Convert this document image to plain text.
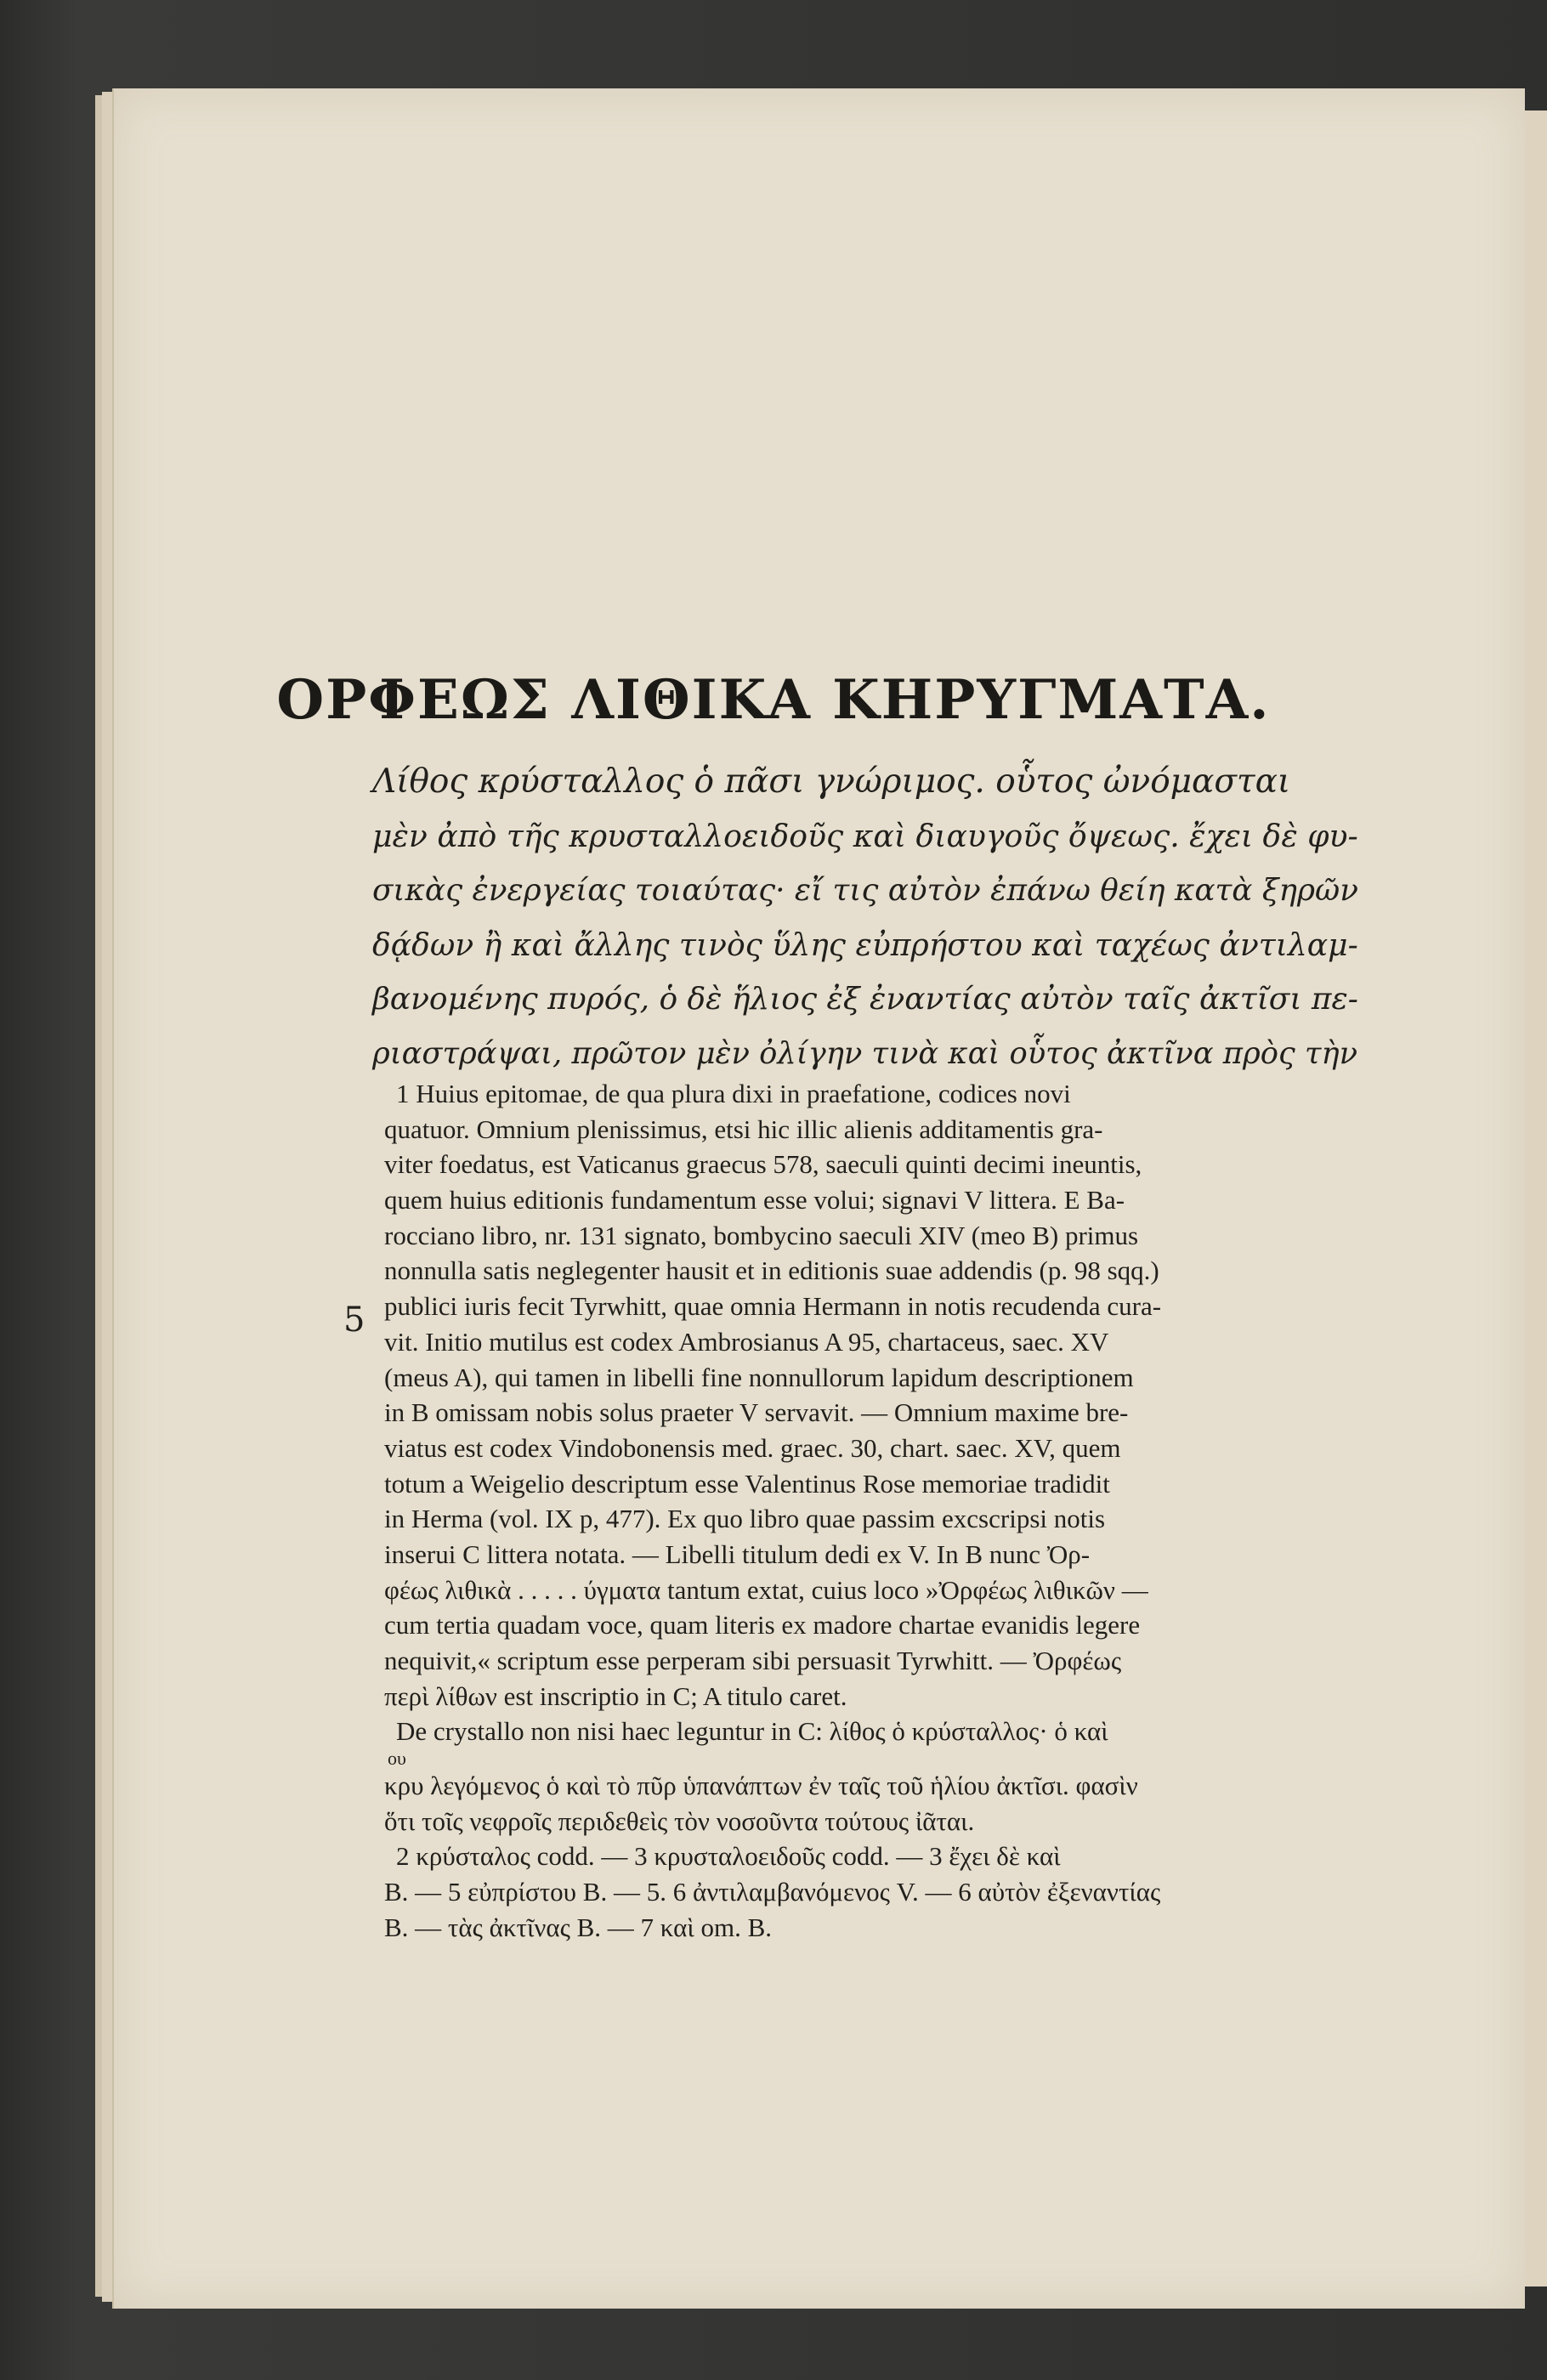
ΟΡΦΕΩΣ ΛΙΘΙΚΑ ΚΗΡΥΓΜΑΤΑ.
Λίθος κρύσταλλος ὁ πᾶσι γνώριμος. οὗτος ὠνόμασται
μὲν ἀπὸ τῆς κρυσταλλοειδοῦς καὶ διαυγοῦς ὄψεως. ἔχει δὲ φυ-
σικὰς ἐνεργείας τοιαύτας· εἴ τις αὐτὸν ἐπάνω θείη κατὰ ξηρῶν
δᾴδων ἢ καὶ ἄλλης τινὸς ὕλης εὐπρήστου καὶ ταχέως ἀντιλαμ-
βανομένης πυρός, ὁ δὲ ἥλιος ἐξ ἐναντίας αὐτὸν ταῖς ἀκτῖσι πε-
ριαστράψαι, πρῶτον μὲν ὀλίγην τινὰ καὶ οὗτος ἀκτῖνα πρὸς τὴν
5
1 Huius epitomae, de qua plura dixi in praefatione, codices novi
quatuor. Omnium plenissimus, etsi hic illic alienis additamentis gra-
viter foedatus, est Vaticanus graecus 578, saeculi quinti decimi ineuntis,
quem huius editionis fundamentum esse volui; signavi V littera. E Ba-
rocciano libro, nr. 131 signato, bombycino saeculi XIV (meo B) primus
nonnulla satis neglegenter hausit et in editionis suae addendis (p. 98 sqq.)
publici iuris fecit Tyrwhitt, quae omnia Hermann in notis recudenda cura-
vit. Initio mutilus est codex Ambrosianus A 95, chartaceus, saec. XV
(meus A), qui tamen in libelli fine nonnullorum lapidum descriptionem
in B omissam nobis solus praeter V servavit. — Omnium maxime bre-
viatus est codex Vindobonensis med. graec. 30, chart. saec. XV, quem
totum a Weigelio descriptum esse Valentinus Rose memoriae tradidit
in Herma (vol. IX p, 477). Ex quo libro quae passim excscripsi notis
inserui C littera notata. — Libelli titulum dedi ex V. In B nunc Ὀρ-
φέως λιθικὰ . . . . . ύγματα tantum extat, cuius loco »Ὀρφέως λιθικῶν —
cum tertia quadam voce, quam literis ex madore chartae evanidis legere
nequivit,« scriptum esse perperam sibi persuasit Tyrwhitt. — Ὀρφέως
περὶ λίθων est inscriptio in C; A titulo caret.
De crystallo non nisi haec leguntur in C: λίθος ὁ κρύσταλλος· ὁ καὶ
ου
κρυ λεγόμενος ὁ καὶ τὸ πῦρ ὑπανάπτων ἐν ταῖς τοῦ ἡλίου ἀκτῖσι. φασὶν
ὅτι τοῖς νεφροῖς περιδεθεὶς τὸν νοσοῦντα τούτους ἰᾶται.
2 κρύσταλος codd. — 3 κρυσταλοειδοῦς codd. — 3 ἔχει δὲ καὶ
B. — 5 εὐπρίστου B. — 5. 6 ἀντιλαμβανόμενος V. — 6 αὐτὸν ἐξεναντίας
B. — τὰς ἀκτῖνας B. — 7 καὶ om. B.
